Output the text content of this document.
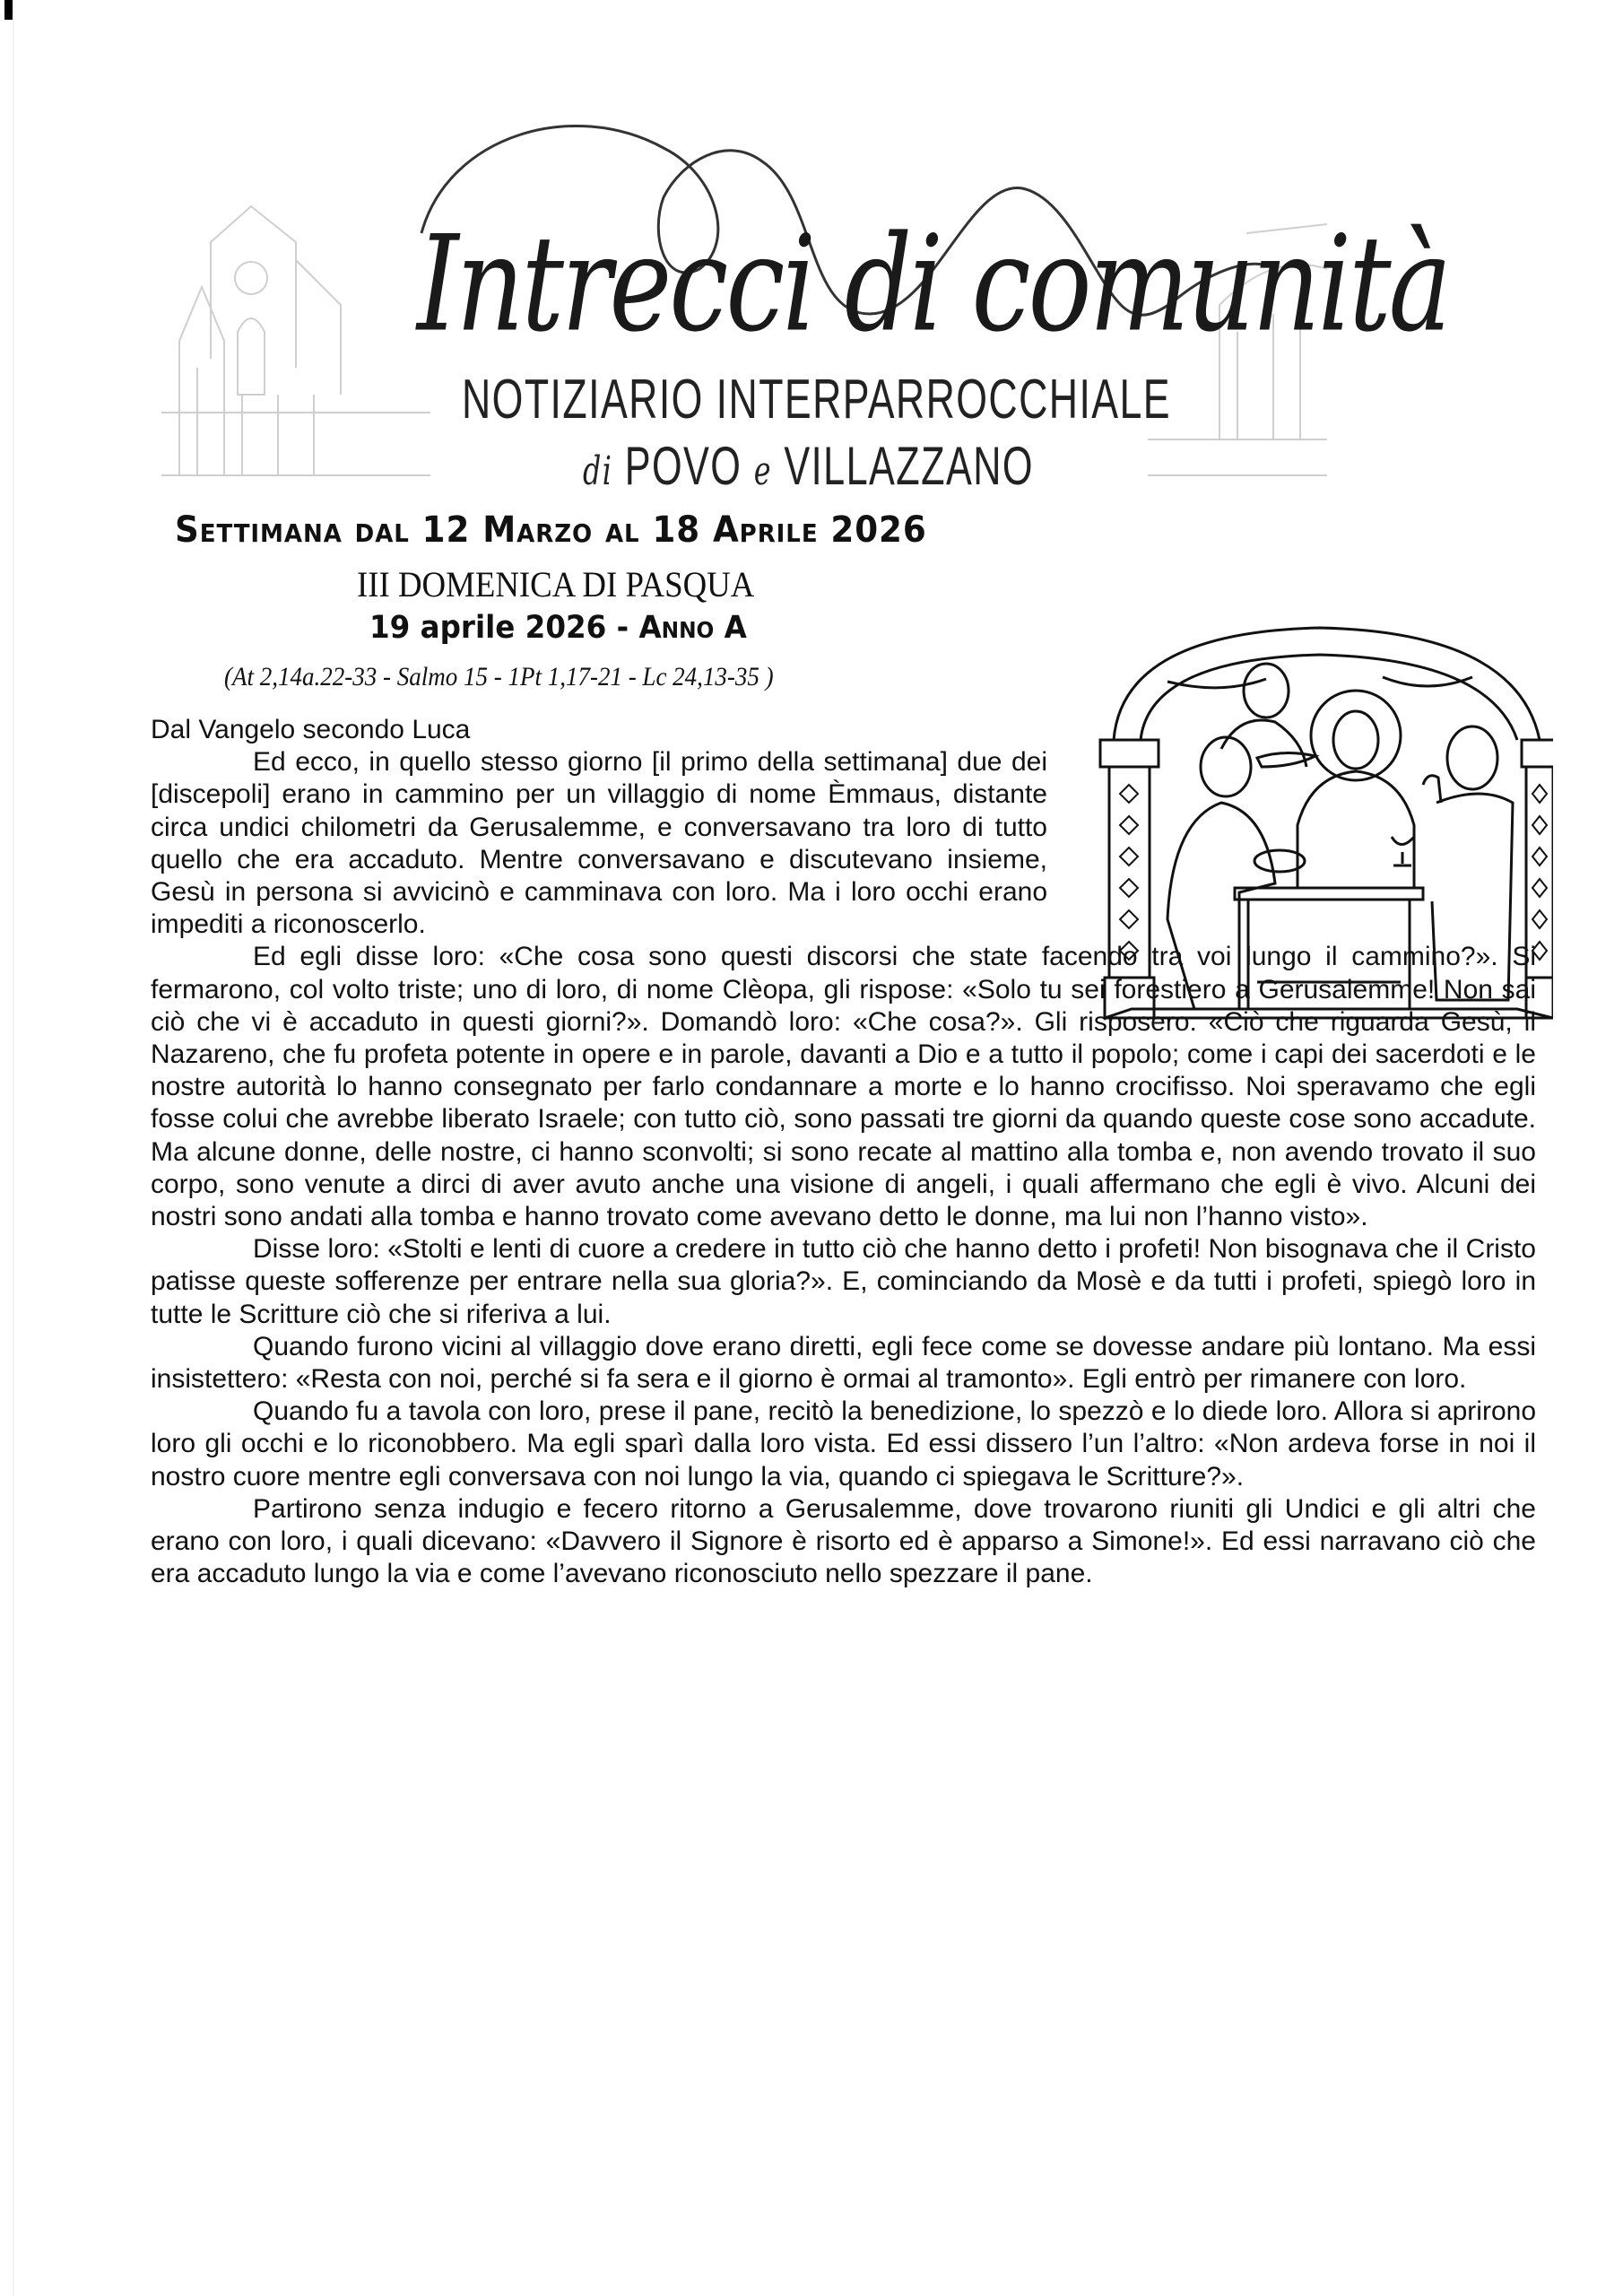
Intrecci di comunità
NOTIZIARIO INTERPARROCCHIALE
di POVO e VILLAZZANO
Settimana dal 12 Marzo al 18 Aprile 2026
III DOMENICA DI PASQUA
19 aprile 2026 - Anno A
(At 2,14a.22-33 - Salmo 15 - 1Pt 1,17-21 - Lc 24,13-35 )
Dal Vangelo secondo Luca

Ed ecco, in quello stesso giorno [il primo della settimana] due dei [discepoli] erano in cammino per un villaggio di nome Èmmaus, distante circa undici chilometri da Gerusalemme, e conversavano tra loro di tutto quello che era accaduto. Mentre conversavano e discutevano insieme, Gesù in persona si avvicinò e camminava con loro. Ma i loro occhi erano impediti a riconoscerlo.

Ed egli disse loro: «Che cosa sono questi discorsi che state facendo tra voi lungo il cammino?». Si fermarono, col volto triste; uno di loro, di nome Clèopa, gli rispose: «Solo tu sei forestiero a Gerusalemme! Non sai ciò che vi è accaduto in questi giorni?». Domandò loro: «Che cosa?». Gli risposero: «Ciò che riguarda Gesù, il Nazareno, che fu profeta potente in opere e in parole, davanti a Dio e a tutto il popolo; come i capi dei sacerdoti e le nostre autorità lo hanno consegnato per farlo condannare a morte e lo hanno crocifisso. Noi speravamo che egli fosse colui che avrebbe liberato Israele; con tutto ciò, sono passati tre giorni da quando queste cose sono accadute. Ma alcune donne, delle nostre, ci hanno sconvolti; si sono recate al mattino alla tomba e, non avendo trovato il suo corpo, sono venute a dirci di aver avuto anche una visione di angeli, i quali affermano che egli è vivo. Alcuni dei nostri sono andati alla tomba e hanno trovato come avevano detto le donne, ma lui non l’hanno visto».

Disse loro: «Stolti e lenti di cuore a credere in tutto ciò che hanno detto i profeti! Non bisognava che il Cristo patisse queste sofferenze per entrare nella sua gloria?». E, cominciando da Mosè e da tutti i profeti, spiegò loro in tutte le Scritture ciò che si riferiva a lui.

Quando furono vicini al villaggio dove erano diretti, egli fece come se dovesse andare più lontano. Ma essi insistettero: «Resta con noi, perché si fa sera e il giorno è ormai al tramonto». Egli entrò per rimanere con loro.

Quando fu a tavola con loro, prese il pane, recitò la benedizione, lo spezzò e lo diede loro. Allora si aprirono loro gli occhi e lo riconobbero. Ma egli sparì dalla loro vista. Ed essi dissero l’un l’altro: «Non ardeva forse in noi il nostro cuore mentre egli conversava con noi lungo la via, quando ci spiegava le Scritture?».

Partirono senza indugio e fecero ritorno a Gerusalemme, dove trovarono riuniti gli Undici e gli altri che erano con loro, i quali dicevano: «Davvero il Signore è risorto ed è apparso a Simone!». Ed essi narravano ciò che era accaduto lungo la via e come l’avevano riconosciuto nello spezzare il pane.
